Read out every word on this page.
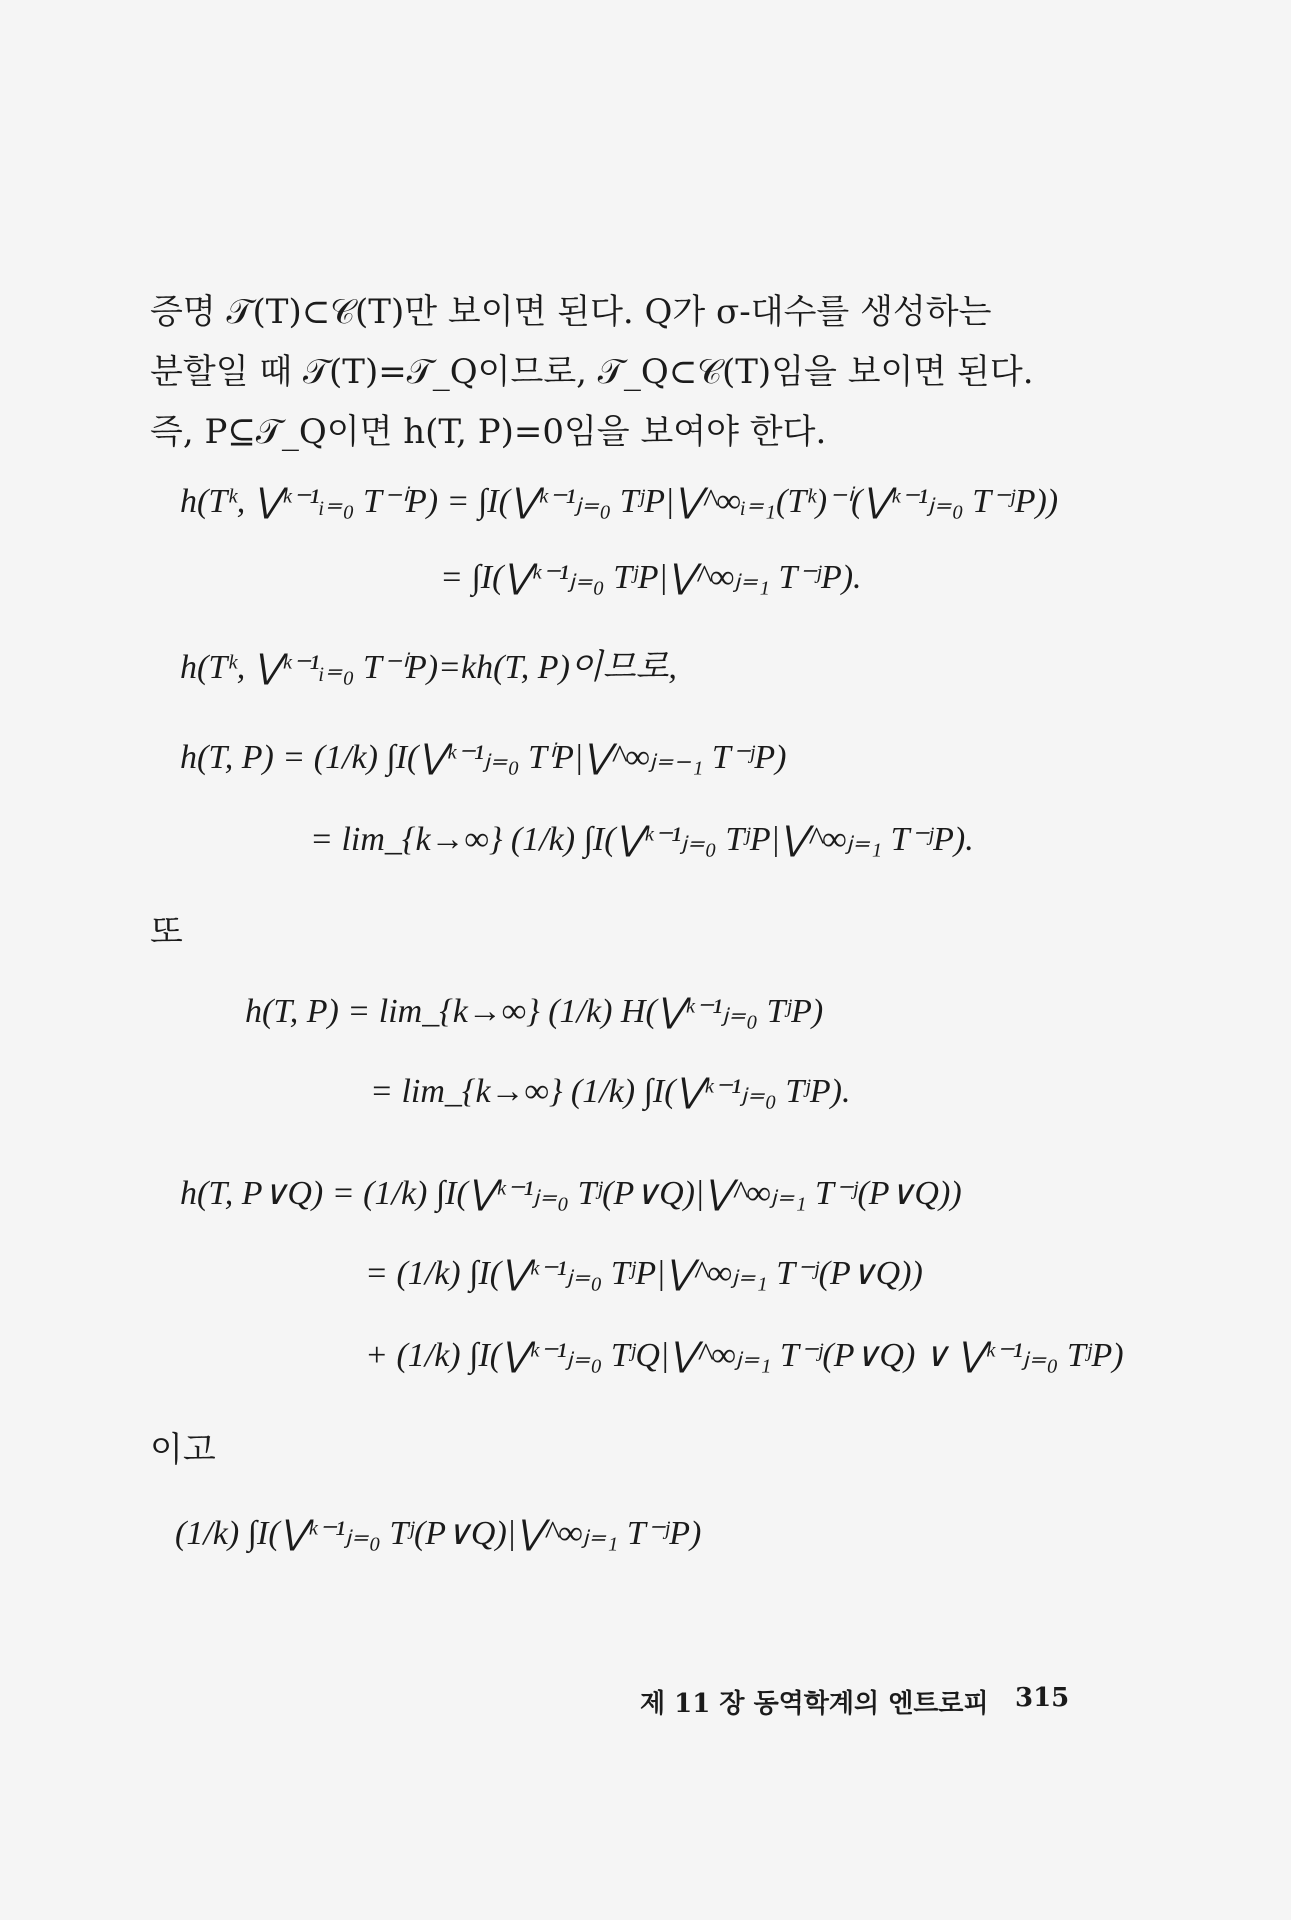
증명 𝒯(T)⊂𝒞(T)만 보이면 된다. Q가 σ-대수를 생성하는
분할일 때 𝒯(T)=𝒯_Q이므로, 𝒯_Q⊂𝒞(T)임을 보이면 된다.
즉, P⊆𝒯_Q이면 h(T, P)=0임을 보여야 한다.
h(Tᵏ, ⋁ᵏ⁻¹ᵢ₌₀ T⁻ⁱP) = ∫I(⋁ᵏ⁻¹ⱼ₌₀ TʲP|⋁^∞ᵢ₌₁(Tᵏ)⁻ⁱ(⋁ᵏ⁻¹ⱼ₌₀ T⁻ʲP))
= ∫I(⋁ᵏ⁻¹ⱼ₌₀ TʲP|⋁^∞ⱼ₌₁ T⁻ʲP).
h(Tᵏ, ⋁ᵏ⁻¹ᵢ₌₀ T⁻ⁱP)=kh(T, P)이므로,
h(T, P) = (1/k) ∫I(⋁ᵏ⁻¹ⱼ₌₀ TⁱP|⋁^∞ⱼ₌₋₁ T⁻ʲP)
= lim_{k→∞} (1/k) ∫I(⋁ᵏ⁻¹ⱼ₌₀ TʲP|⋁^∞ⱼ₌₁ T⁻ʲP).
또
h(T, P) = lim_{k→∞} (1/k) H(⋁ᵏ⁻¹ⱼ₌₀ TʲP)
= lim_{k→∞} (1/k) ∫I(⋁ᵏ⁻¹ⱼ₌₀ TʲP).
h(T, P∨Q) = (1/k) ∫I(⋁ᵏ⁻¹ⱼ₌₀ Tʲ(P∨Q)|⋁^∞ⱼ₌₁ T⁻ʲ(P∨Q))
= (1/k) ∫I(⋁ᵏ⁻¹ⱼ₌₀ TʲP|⋁^∞ⱼ₌₁ T⁻ʲ(P∨Q))
+ (1/k) ∫I(⋁ᵏ⁻¹ⱼ₌₀ TʲQ|⋁^∞ⱼ₌₁ T⁻ʲ(P∨Q) ∨ ⋁ᵏ⁻¹ⱼ₌₀ TʲP)
이고
(1/k) ∫I(⋁ᵏ⁻¹ⱼ₌₀ Tʲ(P∨Q)|⋁^∞ⱼ₌₁ T⁻ʲP)
제 11 장 동역학계의 엔트로피 315
